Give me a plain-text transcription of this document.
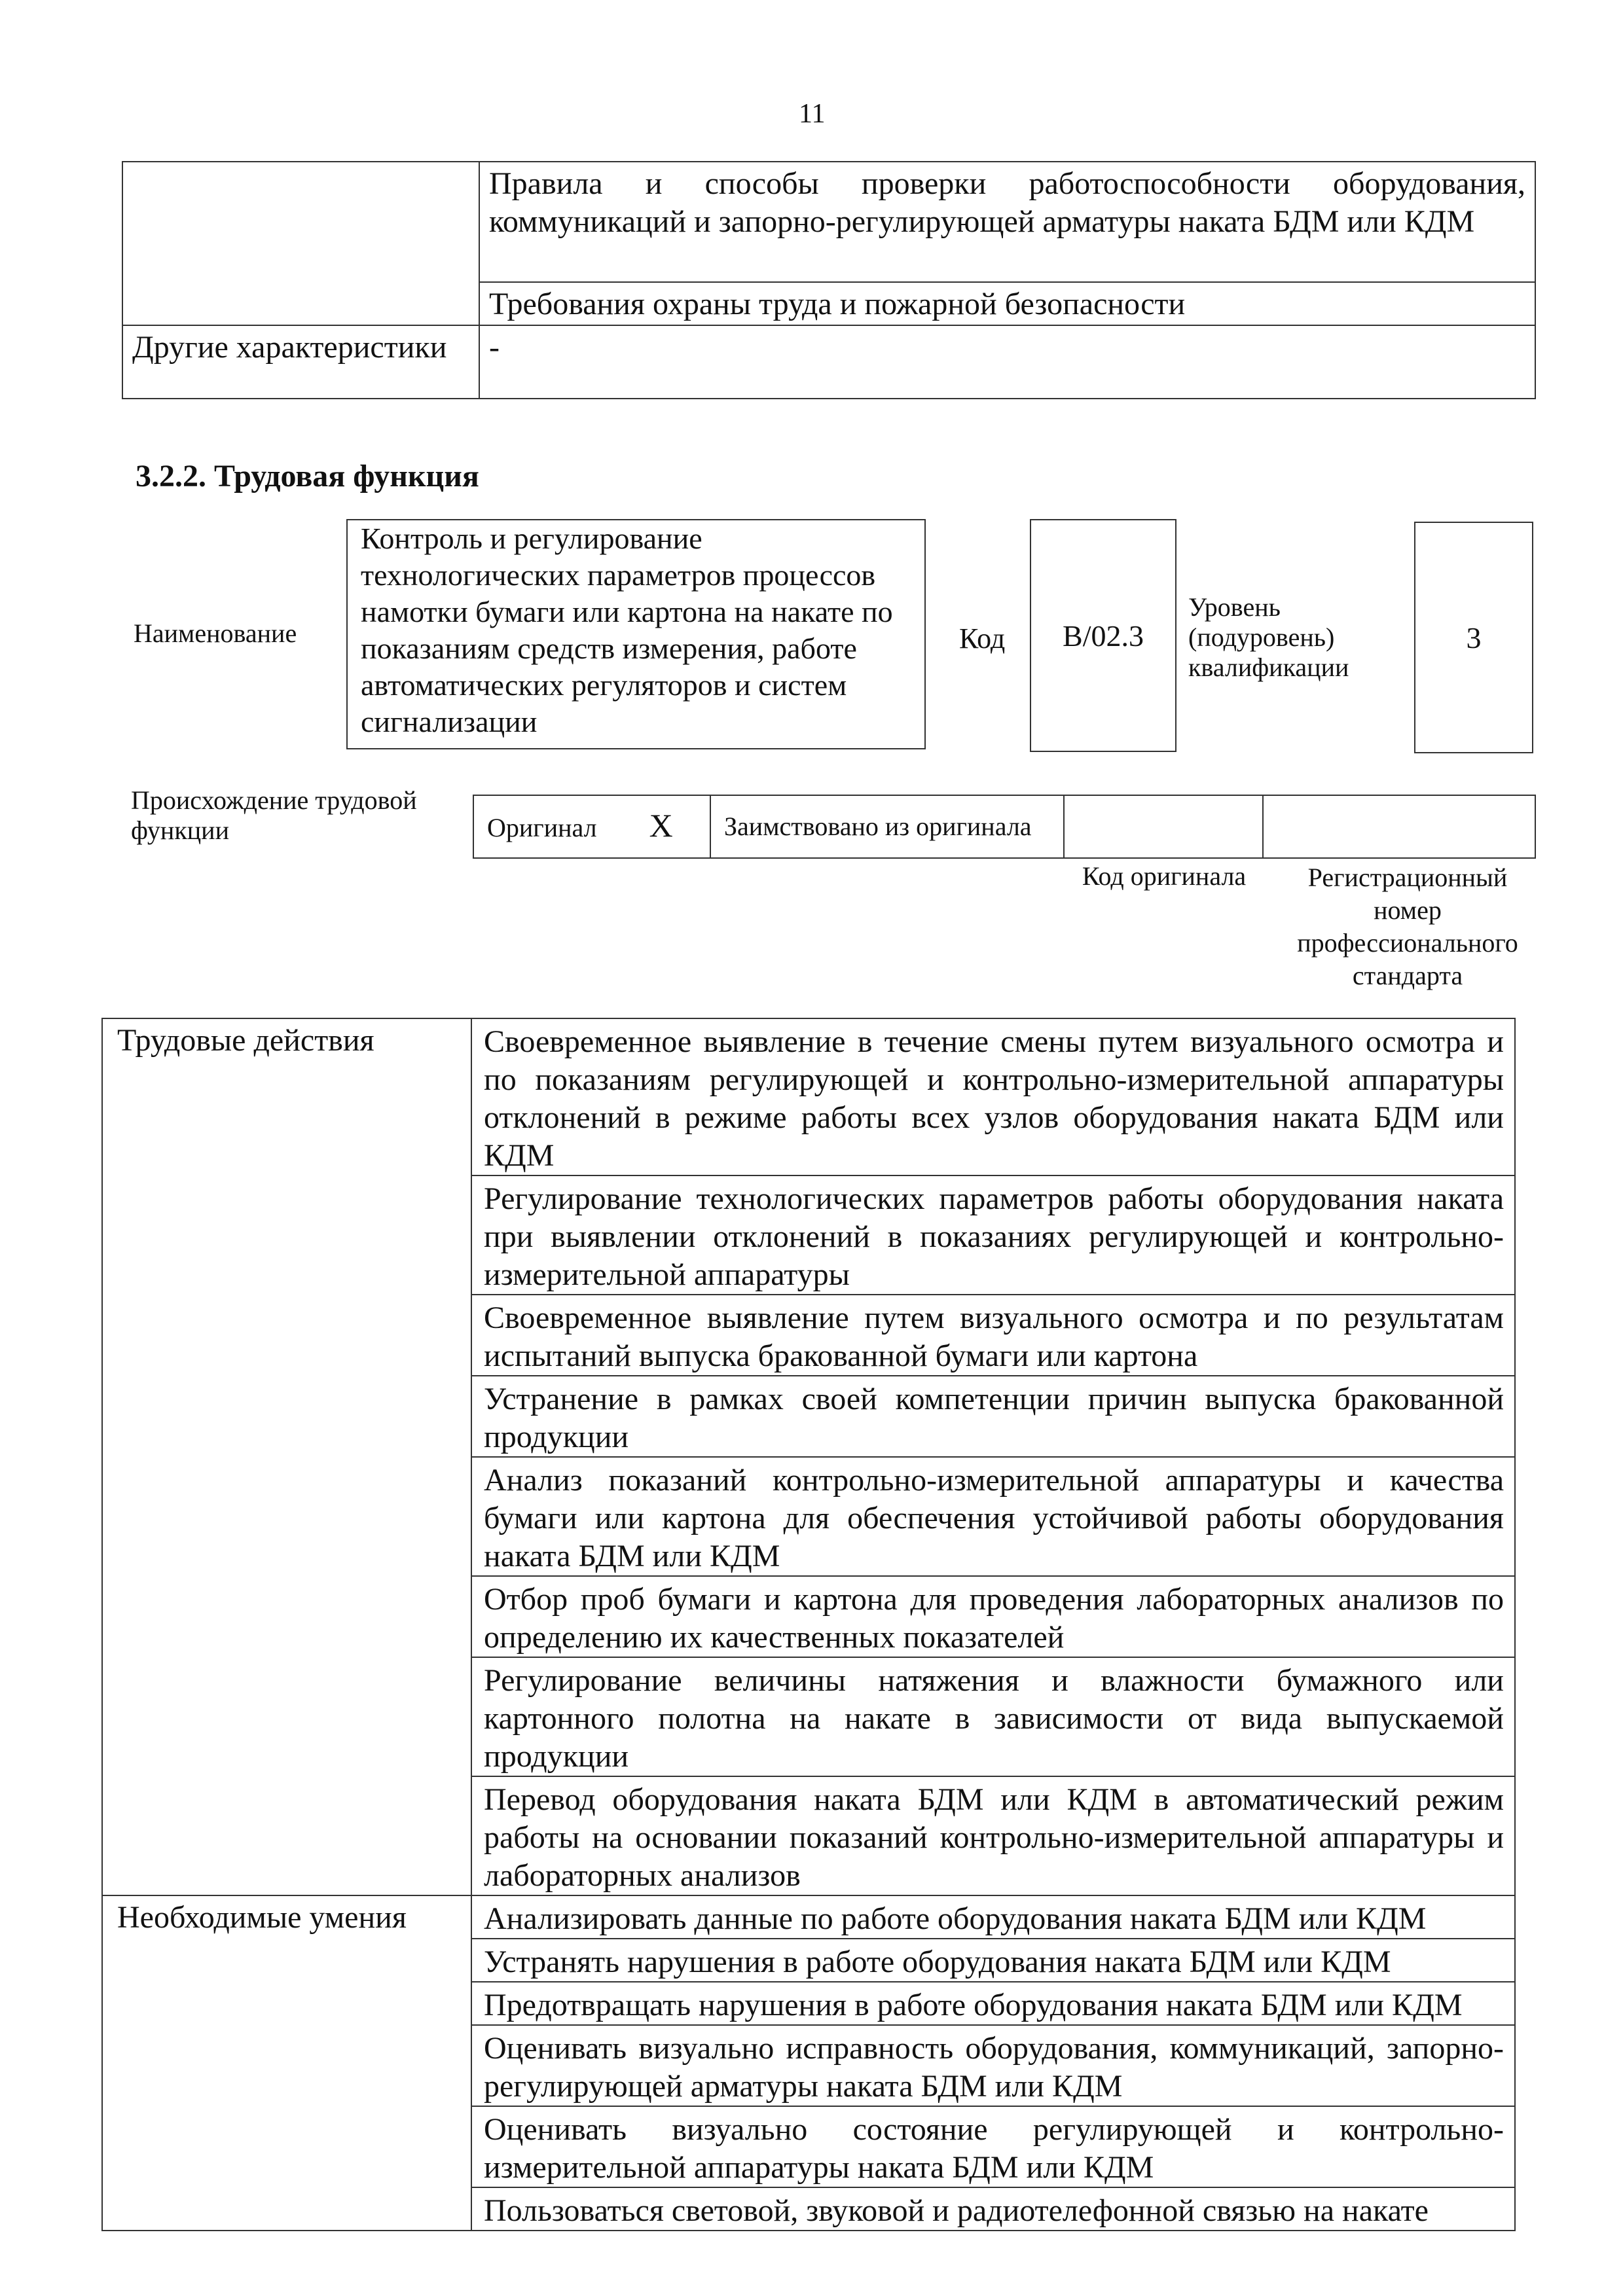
11
	Правила и способы проверки работоспособности оборудования, коммуникаций и запорно-регулирующей арматуры наката БДМ или КДМ
	Требования охраны труда и пожарной безопасности
Другие характеристики	-
3.2.2. Трудовая функция
Наименование
Контроль и регулирование технологических параметров процессов намотки бумаги или картона на накате по показаниям средств измерения, работе автоматических регуляторов и систем сигнализации
Код B/02.3
Уровень (подуровень) квалификации
3
Происхождение трудовой функции	Оригинал X	Заимствовано из оригинала		
Код оригинала	Регистрационный номер профессионального стандарта
Трудовые действия	Своевременное выявление в течение смены путем визуального осмотра и по показаниям регулирующей и контрольно-измерительной аппаратуры отклонений в режиме работы всех узлов оборудования наката БДМ или КДМ
	Регулирование технологических параметров работы оборудования наката при выявлении отклонений в показаниях регулирующей и контрольно-измерительной аппаратуры
	Своевременное выявление путем визуального осмотра и по результатам испытаний выпуска бракованной бумаги или картона
	Устранение в рамках своей компетенции причин выпуска бракованной продукции
	Анализ показаний контрольно-измерительной аппаратуры и качества бумаги или картона для обеспечения устойчивой работы оборудования наката БДМ или КДМ
	Отбор проб бумаги и картона для проведения лабораторных анализов по определению их качественных показателей
	Регулирование величины натяжения и влажности бумажного или картонного полотна на накате в зависимости от вида выпускаемой продукции
	Перевод оборудования наката БДМ или КДМ в автоматический режим работы на основании показаний контрольно-измерительной аппаратуры и лабораторных анализов
Необходимые умения	Анализировать данные по работе оборудования наката БДМ или КДМ
	Устранять нарушения в работе оборудования наката БДМ или КДМ
	Предотвращать нарушения в работе оборудования наката БДМ или КДМ
	Оценивать визуально исправность оборудования, коммуникаций, запорно-регулирующей арматуры наката БДМ или КДМ
	Оценивать визуально состояние регулирующей и контрольно-измерительной аппаратуры наката БДМ или КДМ
	Пользоваться световой, звуковой и радиотелефонной связью на накате
